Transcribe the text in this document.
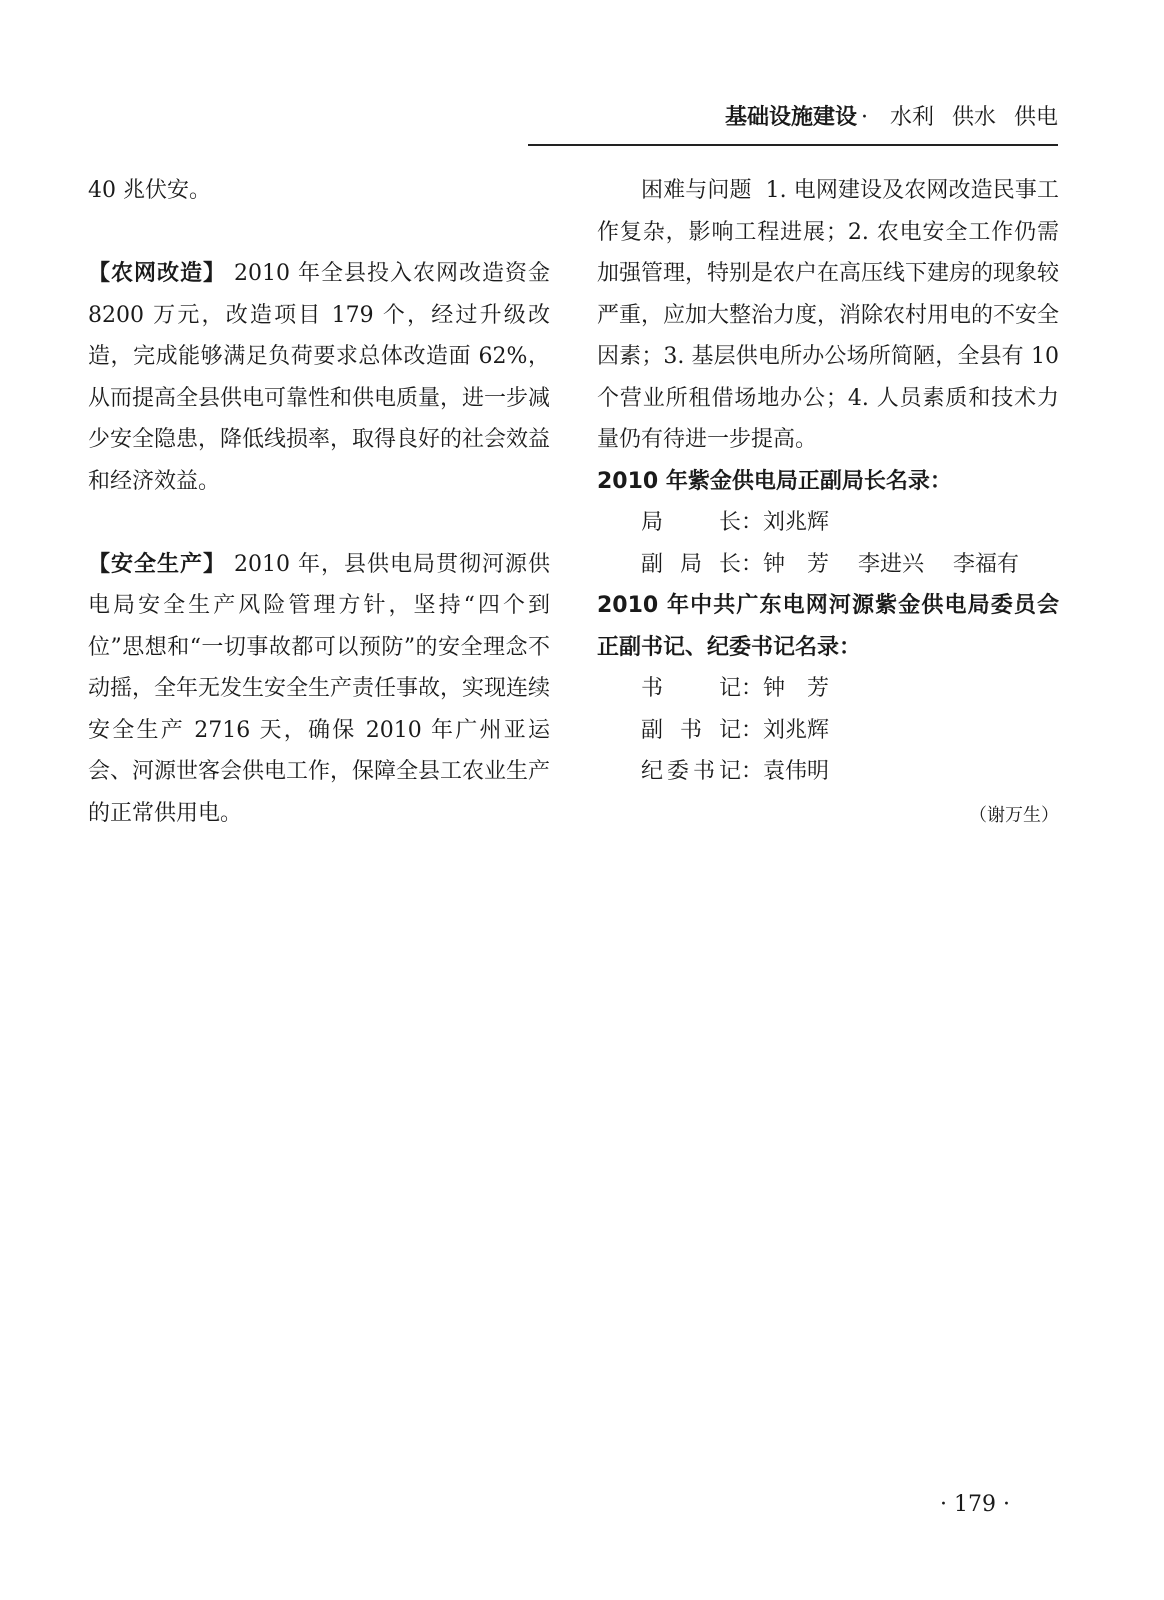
基础设施建设 · 水利 供水 供电

40 兆伏安。

【农网改造】 2010 年全县投入农网改造资金 8200 万元，改造项目 179 个，经过升级改造，完成能够满足负荷要求总体改造面 62%，从而提高全县供电可靠性和供电质量，进一步减少安全隐患，降低线损率，取得良好的社会效益和经济效益。

【安全生产】 2010 年，县供电局贯彻河源供电局安全生产风险管理方针，坚持“四个到位”思想和“一切事故都可以预防”的安全理念不动摇，全年无发生安全生产责任事故，实现连续安全生产 2716 天，确保 2010 年广州亚运会、河源世客会供电工作，保障全县工农业生产的正常供用电。

困难与问题 1. 电网建设及农网改造民事工作复杂，影响工程进展；2. 农电安全工作仍需加强管理，特别是农户在高压线下建房的现象较严重，应加大整治力度，消除农村用电的不安全因素；3. 基层供电所办公场所简陋，全县有 10 个营业所租借场地办公；4. 人员素质和技术力量仍有待进一步提高。

2010 年紫金供电局正副局长名录：

局长 ：刘兆辉
副局长 ：钟　芳　 李进兴　 李福有

2010 年中共广东电网河源紫金供电局委员会正副书记、纪委书记名录：

书记 ：钟　芳
副书记 ：刘兆辉
纪委书记 ：袁伟明
（谢万生）
· 179 ·
